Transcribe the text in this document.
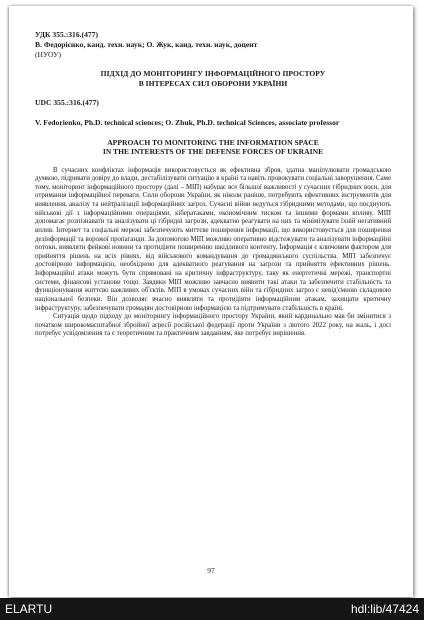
УДК 355.:316.(477)

В. Федорієнко, канд. техн. наук; О. Жук, канд. техн. наук, доцент

(НУОУ)

ПІДХІД ДО МОНІТОРИНГУ ІНФОРМАЦІЙНОГО ПРОСТОРУ

В ІНТЕРЕСАХ СИЛ ОБОРОНИ УКРАЇНИ

UDC 355.:316.(477)

V. Fedorienko, Ph.D. technical sciences; O. Zhuk, Ph.D. technical Sciences, associate professor

APPROACH TO MONITORING THE INFORMATION SPACE

IN THE INTERESTS OF THE DEFENSE FORCES OF UKRAINE

В сучасних конфліктах інформація використовується як ефективна зброя, здатна маніпулювати громадською думкою, підривати довіру до влади, дестабілізувати ситуацію в країні та навіть провокувати соціальні заворушення. Саме тому, моніторинг інформаційного простору (далі – МІП) набуває все більшої важливості у сучасних гібридних воєн, для отримання інформаційної переваги. Сили оборони України, як ніколи раніше, потребують ефективних інструментів для виявлення, аналізу та нейтралізації інформаційних загроз. Сучасні війни ведуться гібридними методами, що поєднують військові дії з інформаційними операціями, кібератаками, економічним тиском та іншими формами впливу. МІП допомагає розпізнавати та аналізувати ці гібридні загрози, адекватно реагувати на них та мінімізувати їхній негативний вплив. Інтернет та соціальні мережі забезпечують миттєве поширення інформації, що використовується для поширення дезінформації та ворожої пропаганди. За допомогою МІП можливо оперативно відстежувати та аналізувати інформаційні потоки, виявляти фейкові новини та протидіяти поширенню шкідливого контенту. Інформація є ключовим фактором для прийняття рішень на всіх рівнях, від військового командування до громадянського суспільства. МІП забезпечує достовірною інформацією, необхідною для адекватного реагування на загрози та прийняття ефективних рішень. Інформаційні атаки можуть бути спрямовані на критичну інфраструктуру, таку як енергетичні мережі, транспортні системи, фінансові установи тощо. Завдяки МІП можливо завчасно виявити такі атаки та забезпечити стабільність та функціонування життєво важливих об'єктів. МІП в умовах сучасних війн та гібридних загроз є невід'ємною складовою національної безпеки. Він дозволяє вчасно виявляти та протидіяти інформаційним атакам, захищати критичну інфраструктуру, забезпечувати громадян достовірною інформацією та підтримувати стабільність в країні.

Ситуація щодо підходу до моніторингу інформаційного простору України, який кардинально мав би змінитися з початком широкомасштабної збройної агресії російської федерації проти України з лютого 2022 року, на жаль, і досі потребує усвідомлення та є теоретичним та практичним завданням, яке потребує вирішення.

97
ELARTU	hdl:lib/47424
